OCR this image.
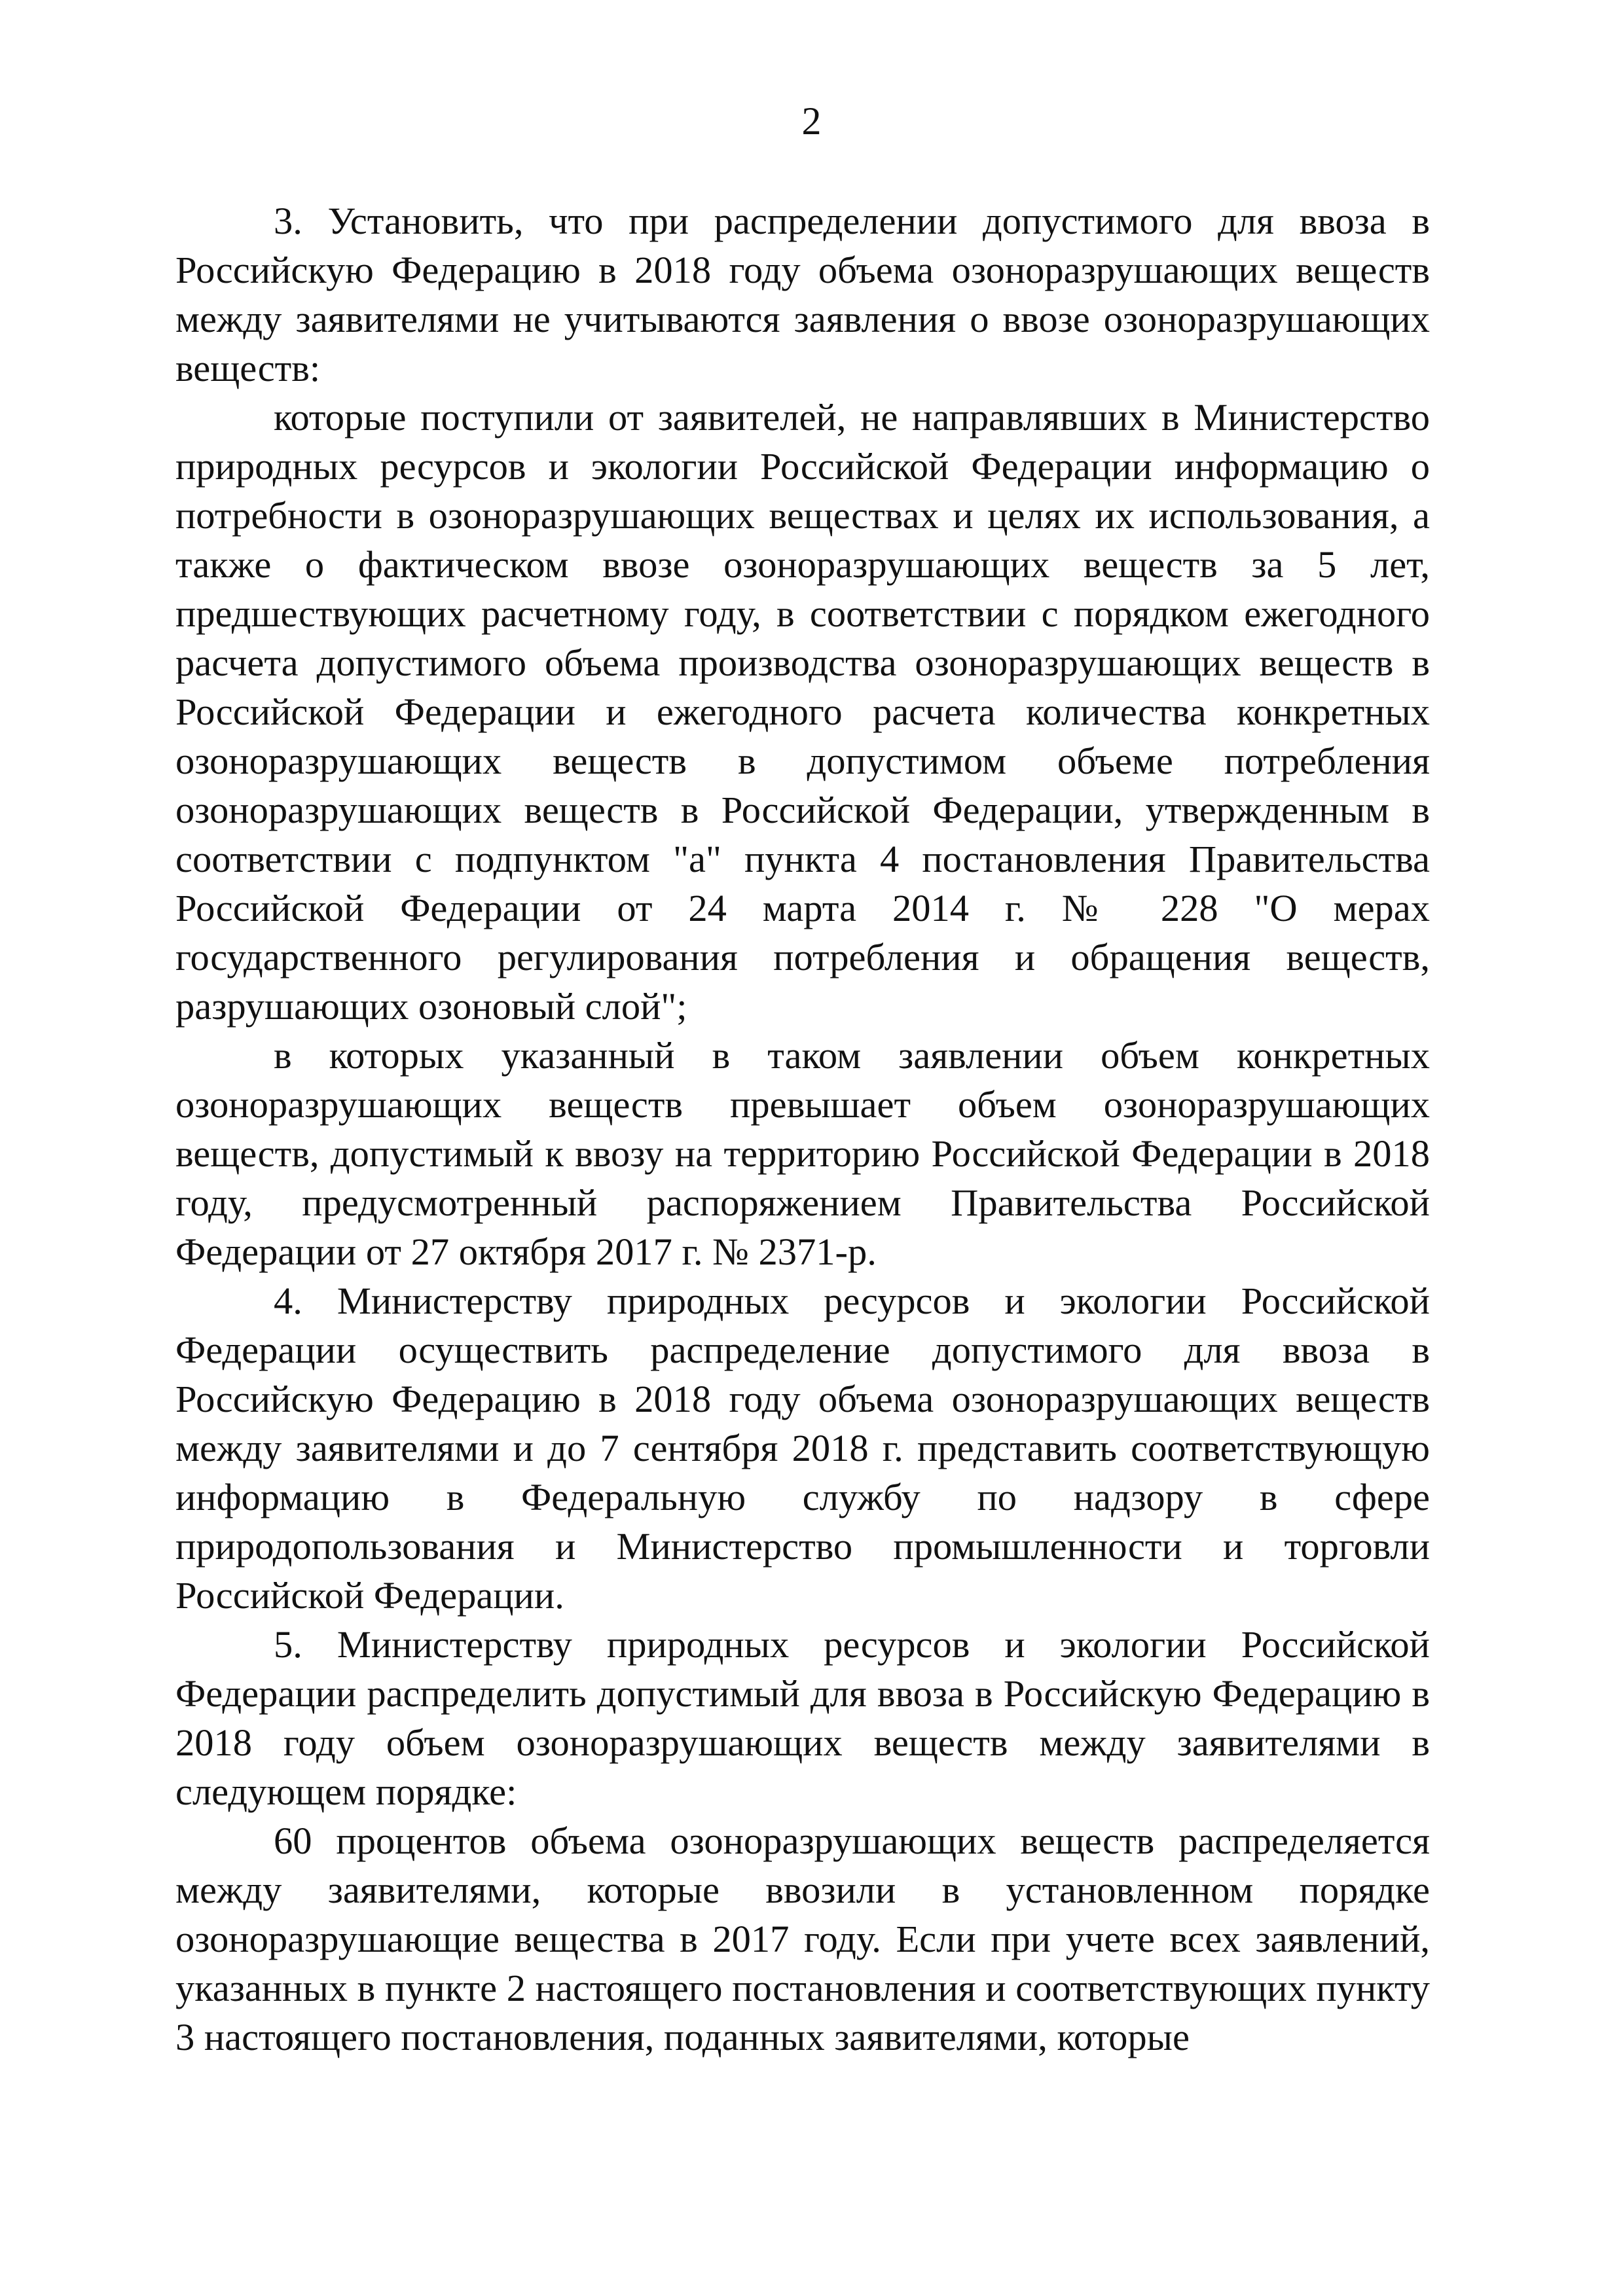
2

3. Установить, что при распределении допустимого для ввоза в Российскую Федерацию в 2018 году объема озоноразрушающих веществ между заявителями не учитываются заявления о ввозе озоноразрушающих веществ:

которые поступили от заявителей, не направлявших в Министерство природных ресурсов и экологии Российской Федерации информацию о потребности в озоноразрушающих веществах и целях их использования, а также о фактическом ввозе озоноразрушающих веществ за 5 лет, предшествующих расчетному году, в соответствии с порядком ежегодного расчета допустимого объема производства озоноразрушающих веществ в Российской Федерации и ежегодного расчета количества конкретных озоноразрушающих веществ в допустимом объеме потребления озоноразрушающих веществ в Российской Федерации, утвержденным в соответствии с подпунктом "а" пункта 4 постановления Правительства Российской Федерации от 24 марта 2014 г. № 228 "О мерах государственного регулирования потребления и обращения веществ, разрушающих озоновый слой";

в которых указанный в таком заявлении объем конкретных озоноразрушающих веществ превышает объем озоноразрушающих веществ, допустимый к ввозу на территорию Российской Федерации в 2018 году, предусмотренный распоряжением Правительства Российской Федерации от 27 октября 2017 г. № 2371-р.

4. Министерству природных ресурсов и экологии Российской Федерации осуществить распределение допустимого для ввоза в Российскую Федерацию в 2018 году объема озоноразрушающих веществ между заявителями и до 7 сентября 2018 г. представить соответствующую информацию в Федеральную службу по надзору в сфере природопользования и Министерство промышленности и торговли Российской Федерации.

5. Министерству природных ресурсов и экологии Российской Федерации распределить допустимый для ввоза в Российскую Федерацию в 2018 году объем озоноразрушающих веществ между заявителями в следующем порядке:

60 процентов объема озоноразрушающих веществ распределяется между заявителями, которые ввозили в установленном порядке озоноразрушающие вещества в 2017 году. Если при учете всех заявлений, указанных в пункте 2 настоящего постановления и соответствующих пункту 3 настоящего постановления, поданных заявителями, которые
